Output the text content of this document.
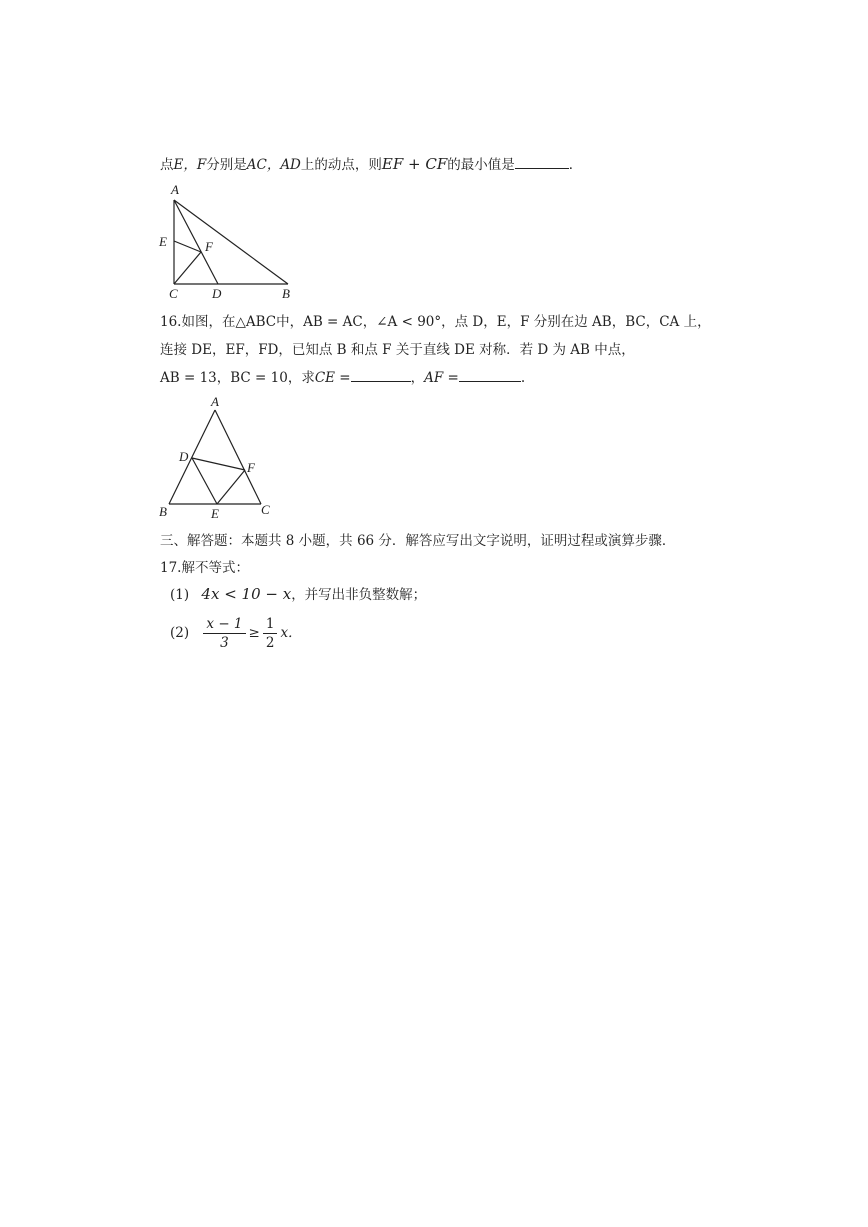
点E，F分别是AC，AD上的动点，则EF + CF的最小值是	．
A
E	F
C	D	B
16.如图，在△ABC中，AB = AC，∠A < 90°，点 D，E，F 分别在边 AB，BC，CA 上，
连接 DE，EF，FD，已知点 B 和点 F 关于直线 DE 对称．若 D 为 AB 中点，
AB = 13，BC = 10，求CE =	，AF =	.
A
D
F
B	E	C
三、解答题：本题共 8 小题，共 66 分．解答应写出文字说明，证明过程或演算步骤．
17.解不等式：
(1) 4x < 10 − x，并写出非负整数解；
$(2) \frac{x - 1}{3} \ge \frac{1}{2}$ x．
